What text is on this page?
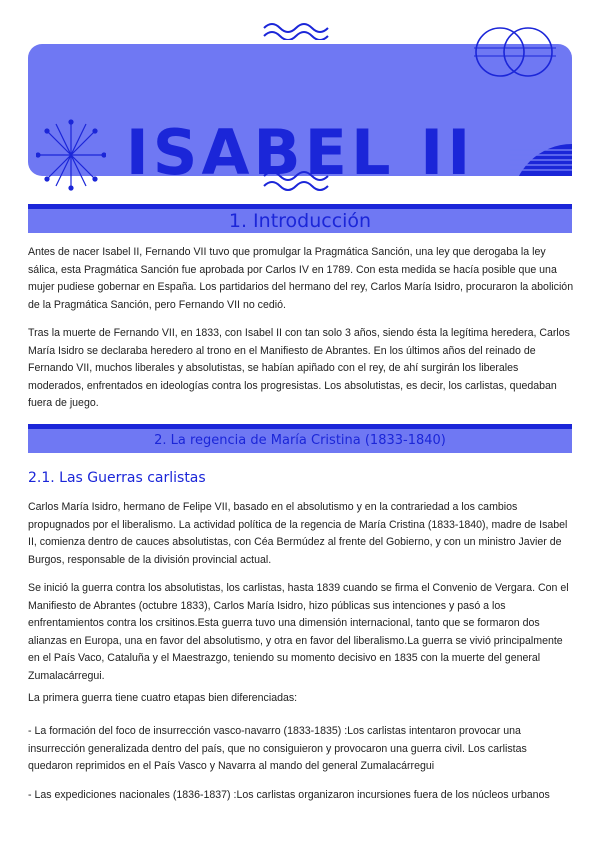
ISABEL II
1. Introducción

Antes de nacer Isabel II, Fernando VII tuvo que promulgar la Pragmática Sanción, una ley que derogaba la ley sálica, esta Pragmática Sanción fue aprobada por Carlos IV en 1789. Con esta medida se hacía posible que una mujer pudiese gobernar en España. Los partidarios del hermano del rey, Carlos María Isidro, procuraron la abolición de la Pragmática Sanción, pero Fernando VII no cedió.

Tras la muerte de Fernando VII, en 1833, con Isabel II con tan solo 3 años, siendo ésta la legítima heredera, Carlos María Isidro se declaraba heredero al trono en el Manifiesto de Abrantes. En los últimos años del reinado de Fernando VII, muchos liberales y absolutistas, se habían apiñado con el rey, de ahí surgirán los liberales moderados, enfrentados en ideologías contra los progresistas. Los absolutistas, es decir, los carlistas, quedaban fuera de juego.

2. La regencia de María Cristina (1833-1840)
2.1. Las Guerras carlistas

Carlos María Isidro, hermano de Felipe VII, basado en el absolutismo y en la contrariedad a los cambios propugnados por el liberalismo. La actividad política de la regencia de María Cristina (1833-1840), madre de Isabel II, comienza dentro de cauces absolutistas, con Céa Bermúdez al frente del Gobierno, y con un ministro Javier de Burgos, responsable de la división provincial actual.

Se inició la guerra contra los absolutistas, los carlistas, hasta 1839 cuando se firma el Convenio de Vergara. Con el Manifiesto de Abrantes (octubre 1833), Carlos María Isidro, hizo públicas sus intenciones y pasó a los enfrentamientos contra los crsitinos.Esta guerra tuvo una dimensión internacional, tanto que se formaron dos alianzas en Europa, una en favor del absolutismo, y otra en favor del liberalismo.La guerra se vivió principalmente en el País Vaco, Cataluña y el Maestrazgo, teniendo su momento decisivo en 1835 con la muerte del general Zumalacárregui.

La primera guerra tiene cuatro etapas bien diferenciadas:

- La formación del foco de insurrección vasco-navarro (1833-1835) :Los carlistas intentaron provocar una insurrección generalizada dentro del país, que no consiguieron y provocaron una guerra civil. Los carlistas quedaron reprimidos en el País Vasco y Navarra al mando del general Zumalacárregui

- Las expediciones nacionales (1836-1837) :Los carlistas organizaron incursiones fuera de los núcleos urbanos
